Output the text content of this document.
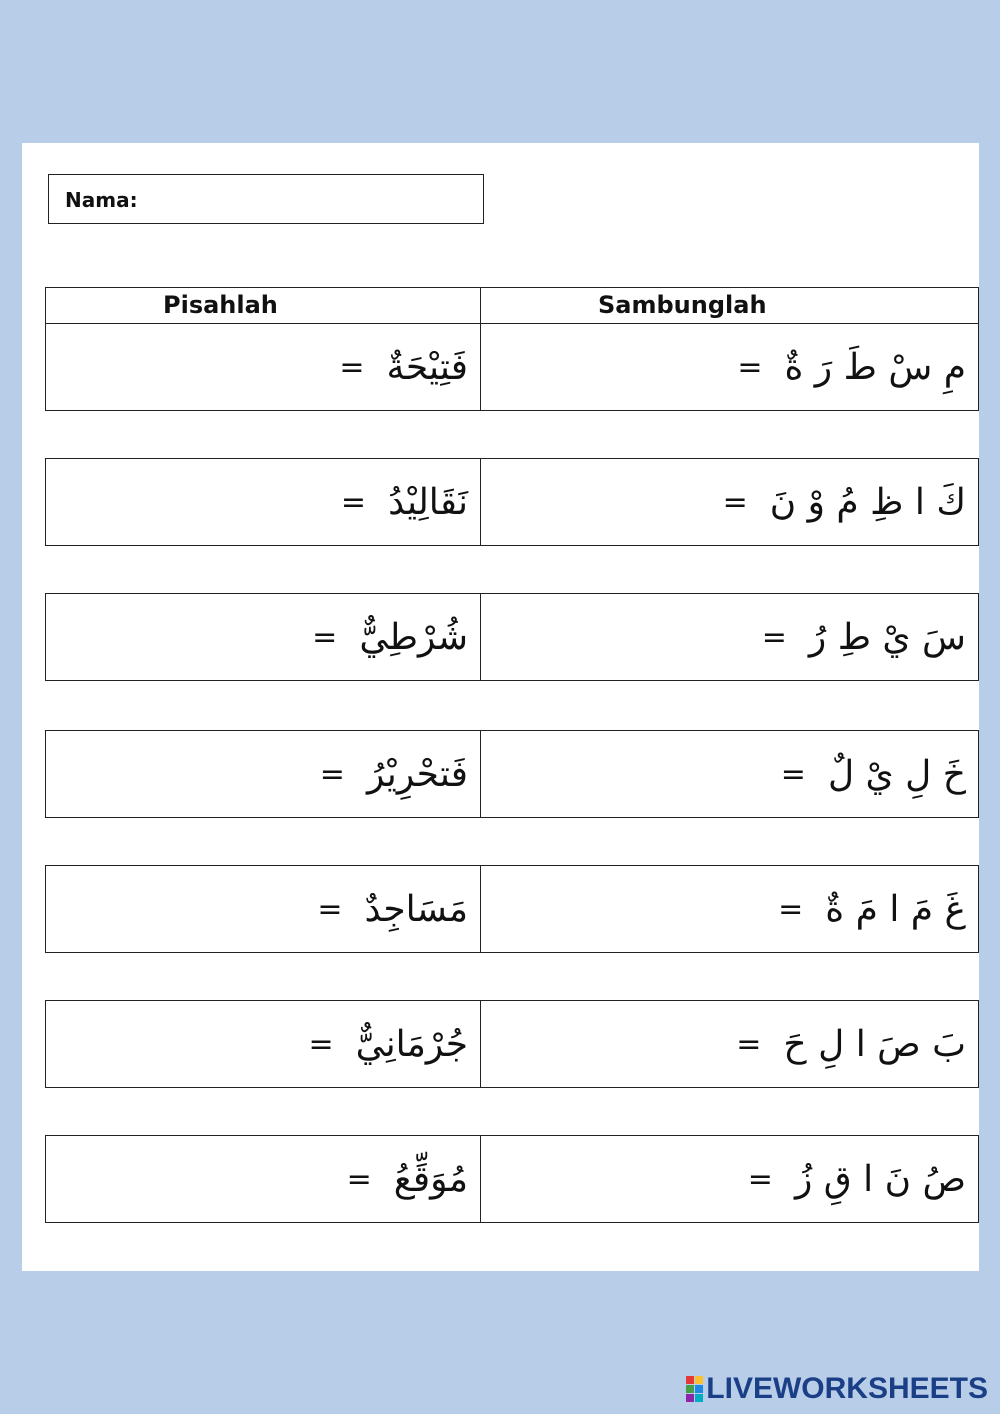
Nama:
Pisahlah	Sambunglah
= فَتِيْحَةٌ	= مِ سْ طَ رَ ةٌ
= نَقَالِيْدُ	= كَ ا ظِ مُ وْ نَ
= شُرْطِيٌّ	= سَ يْ طِ رُ
= فَتحْرِيْرُ	= خَ لِ يْ لٌ
= مَسَاجِدٌ	= غَ مَ ا مَ ةٌ
= جُرْمَانِيٌّ	= بَ صَ ا لِ حَ
= مُوَقِّعُ	= صُ نَ ا قِ زُ
LIVEWORKSHEETS
